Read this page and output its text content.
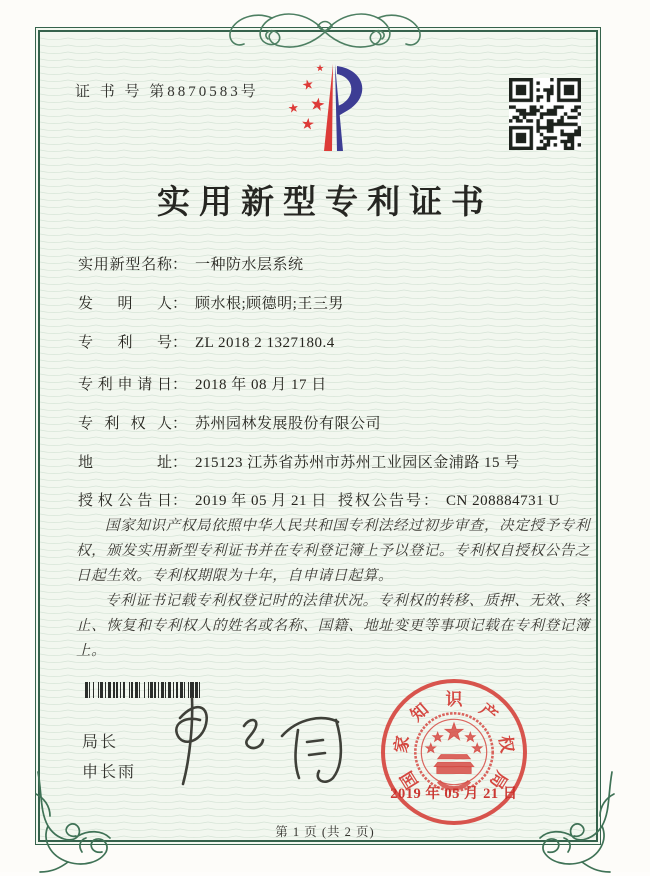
证 书 号 第8870583号
★
★
★
★
★
实用新型专利证书
实用新型名称： 一种防水层系统
发明人： 顾水根;顾德明;王三男
专利号： ZL 2018 2 1327180.4
专利申请日： 2018 年 08 月 17 日
专利权人： 苏州园林发展股份有限公司
地址： 215123 江苏省苏州市苏州工业园区金浦路 15 号
授权公告日： 2019 年 05 月 21 日 授权公告号： CN 208884731 U

国家知识产权局依照中华人民共和国专利法经过初步审查，决定授予专利权，颁发实用新型专利证书并在专利登记簿上予以登记。专利权自授权公告之日起生效。专利权期限为十年，自申请日起算。

专利证书记载专利权登记时的法律状况。专利权的转移、质押、无效、终止、恢复和专利权人的姓名或名称、国籍、地址变更等事项记载在专利登记簿上。

局长
申长雨	国
家
知
识
产
权
局
2019 年 05 月 21 日
第 1 页 (共 2 页)
